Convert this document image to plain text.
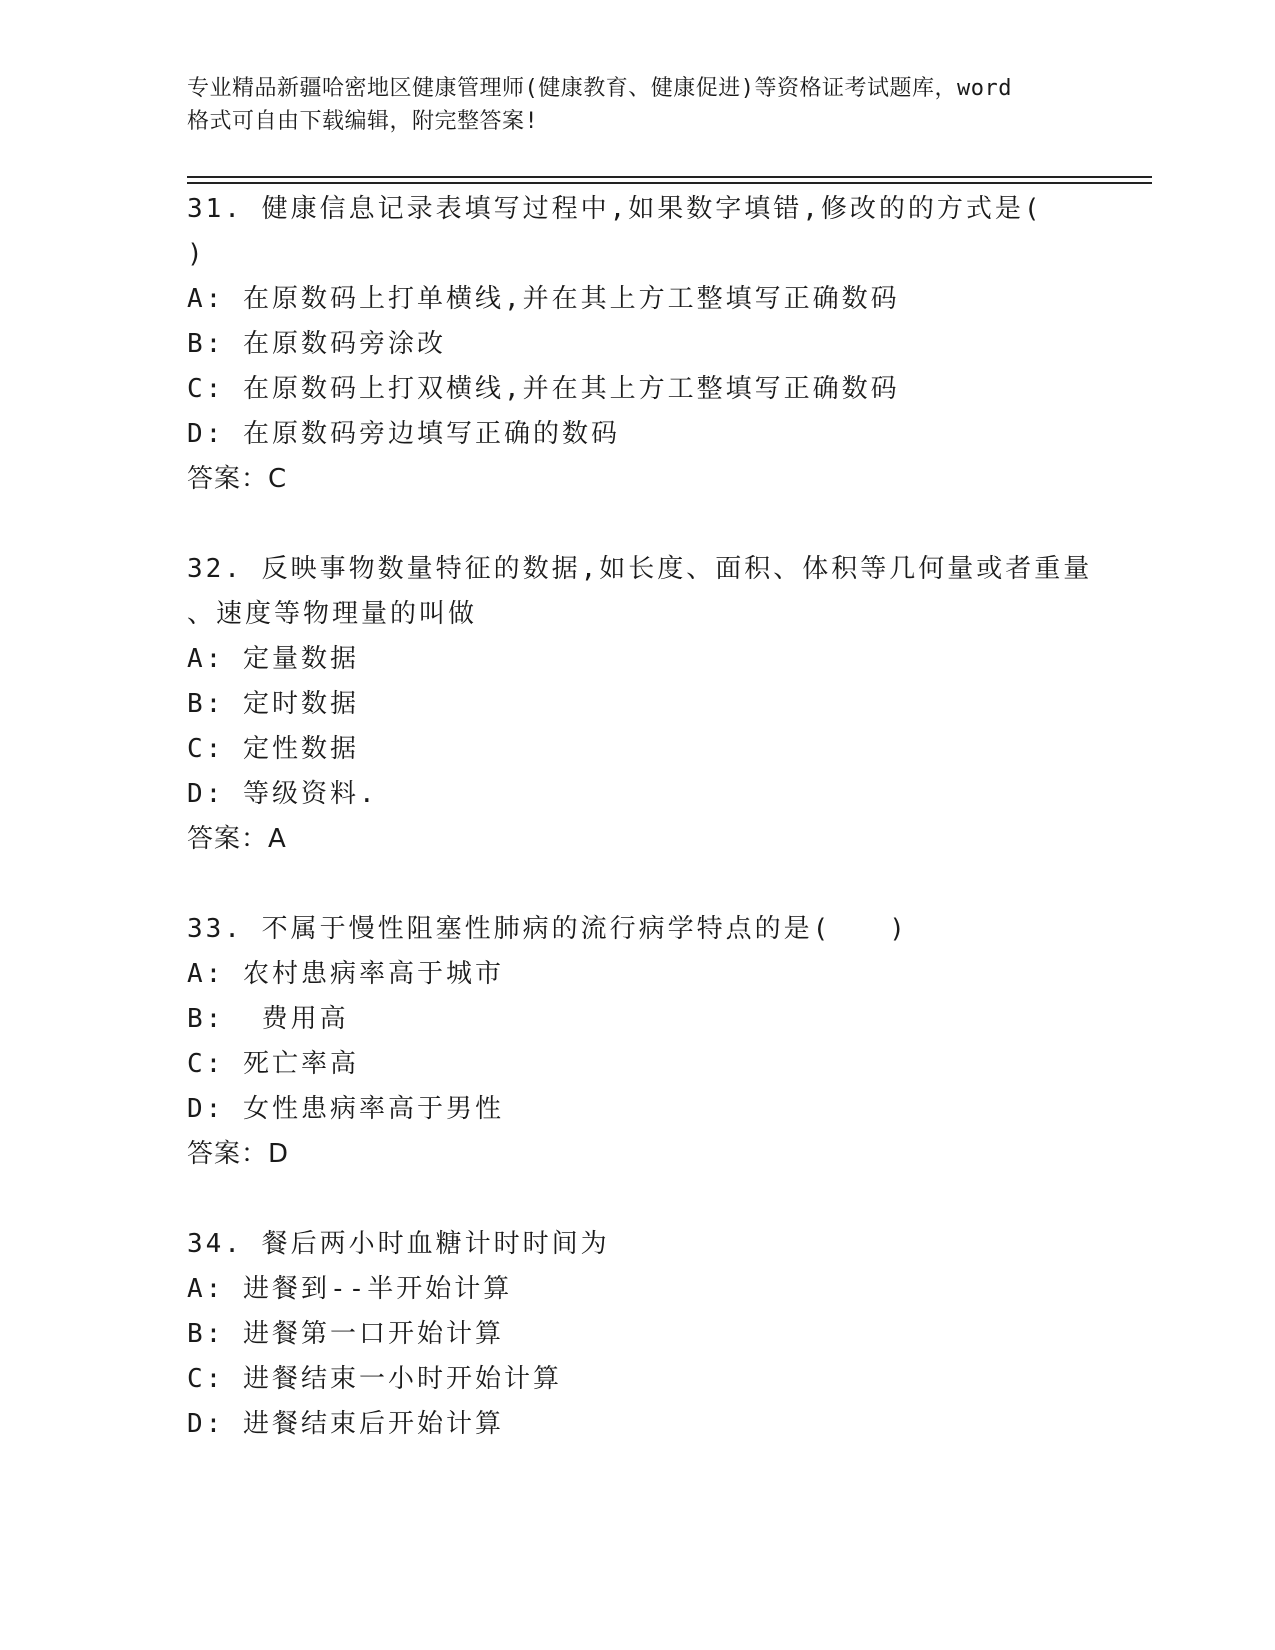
专业精品新疆哈密地区健康管理师(健康教育、健康促进)等资格证考试题库，word
格式可自由下载编辑，附完整答案!
31. 健康信息记录表填写过程中,如果数字填错,修改的的方式是(
)
A: 在原数码上打单横线,并在其上方工整填写正确数码
B: 在原数码旁涂改
C: 在原数码上打双横线,并在其上方工整填写正确数码
D: 在原数码旁边填写正确的数码
答案：C
32. 反映事物数量特征的数据,如长度、面积、体积等几何量或者重量
、速度等物理量的叫做
A: 定量数据
B: 定时数据
C: 定性数据
D: 等级资料.
答案：A
33. 不属于慢性阻塞性肺病的流行病学特点的是(　　)
A: 农村患病率高于城市
B:  费用高
C: 死亡率高
D: 女性患病率高于男性
答案：D
34. 餐后两小时血糖计时时间为
A: 进餐到--半开始计算
B: 进餐第一口开始计算
C: 进餐结束一小时开始计算
D: 进餐结束后开始计算
